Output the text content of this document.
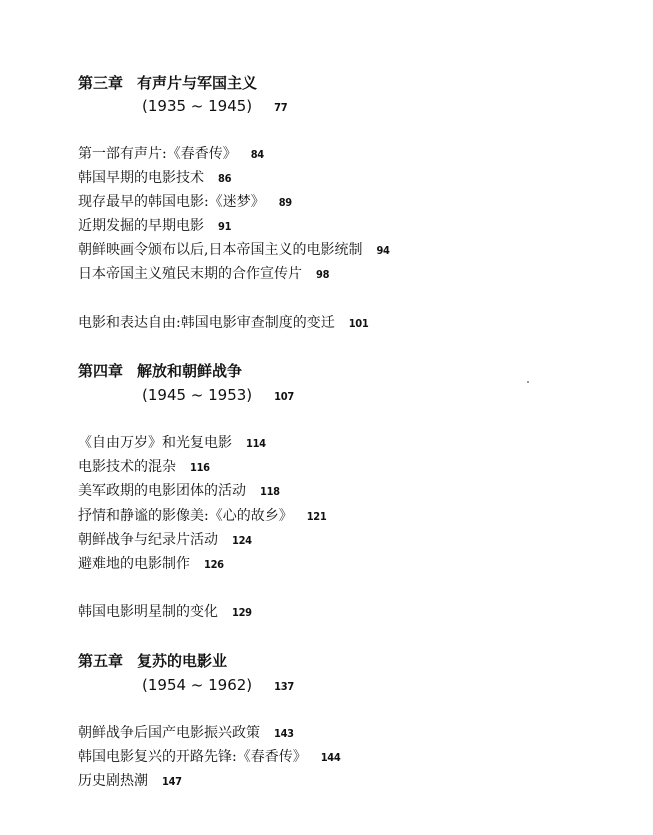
第三章 有声片与军国主义
(1935 ~ 1945) 77
第一部有声片:《春香传》 84
韩国早期的电影技术 86
现存最早的韩国电影:《迷梦》 89
近期发掘的早期电影 91
朝鲜映画令颁布以后,日本帝国主义的电影统制 94
日本帝国主义殖民末期的合作宣传片 98
电影和表达自由:韩国电影审查制度的变迁 101
第四章 解放和朝鲜战争
(1945 ~ 1953) 107
《自由万岁》和光复电影 114
电影技术的混杂 116
美军政期的电影团体的活动 118
抒情和静谧的影像美:《心的故乡》 121
朝鲜战争与纪录片活动 124
避难地的电影制作 126
韩国电影明星制的变化 129
第五章 复苏的电影业
(1954 ~ 1962) 137
朝鲜战争后国产电影振兴政策 143
韩国电影复兴的开路先锋:《春香传》 144
历史剧热潮 147
